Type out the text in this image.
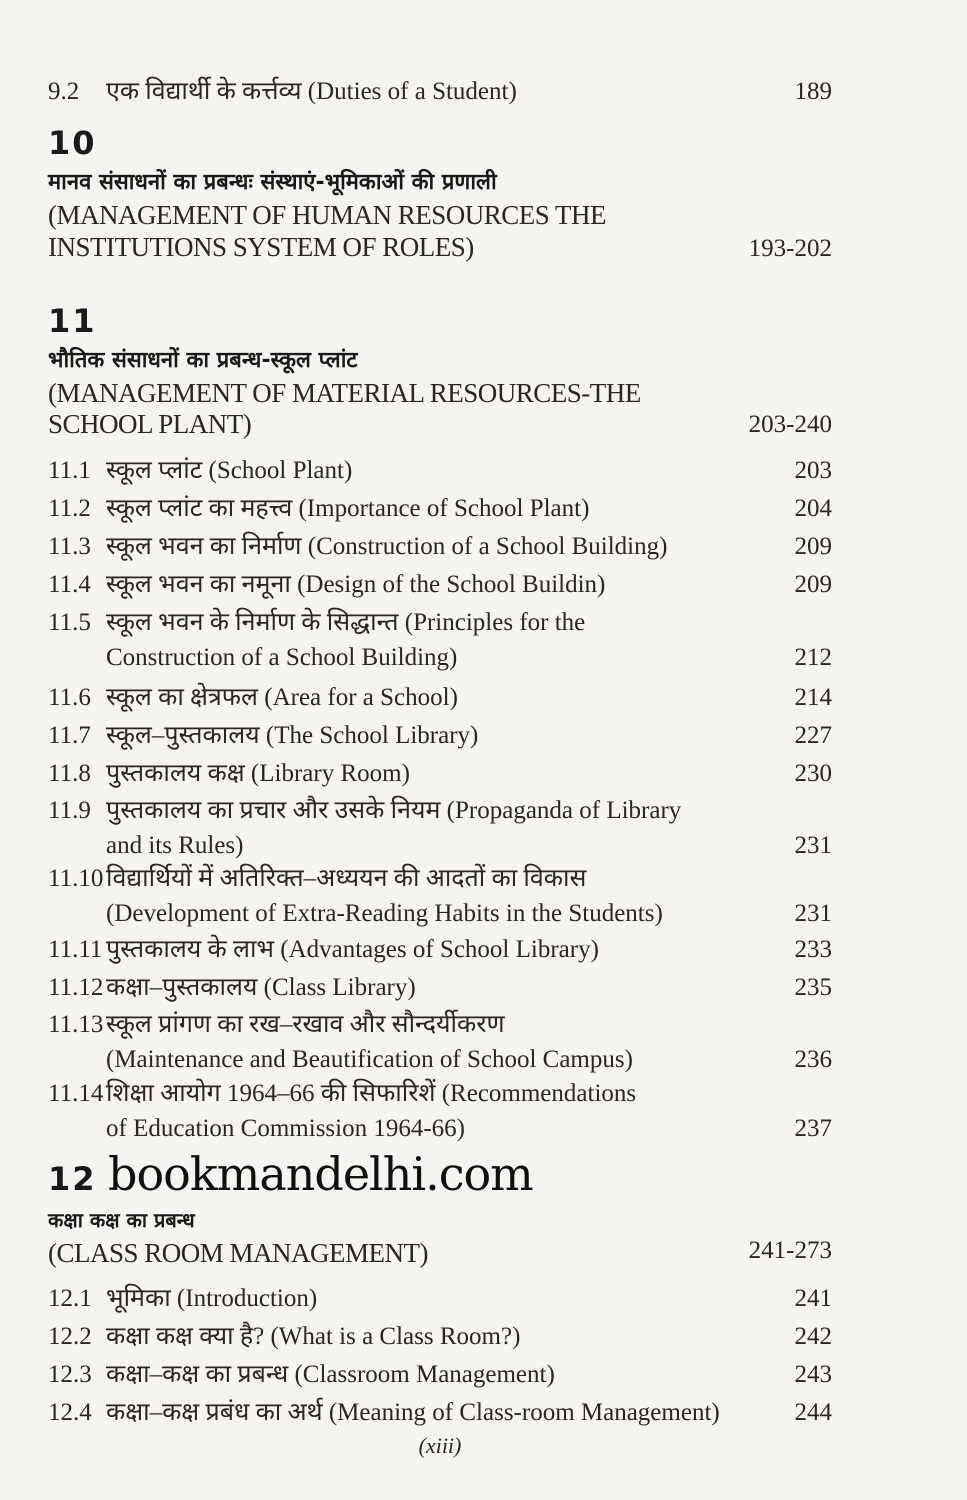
9.2 एक विद्यार्थी के कर्त्तव्य (Duties of a Student)	189
10
मानव संसाधनों का प्रबन्धः संस्थाएं-भूमिकाओं की प्रणाली
(MANAGEMENT OF HUMAN RESOURCES THE
INSTITUTIONS SYSTEM OF ROLES)	193-202
11
भौतिक संसाधनों का प्रबन्ध-स्कूल प्लांट
(MANAGEMENT OF MATERIAL RESOURCES-THE
SCHOOL PLANT)	203-240
11.1 स्कूल प्लांट (School Plant)	203
11.2 स्कूल प्लांट का महत्त्व (Importance of School Plant)	204
11.3 स्कूल भवन का निर्माण (Construction of a School Building)	209
11.4 स्कूल भवन का नमूना (Design of the School Buildin)	209
11.5 स्कूल भवन के निर्माण के सिद्धान्त (Principles for the
Construction of a School Building)	212
11.6 स्कूल का क्षेत्रफल (Area for a School)	214
11.7 स्कूल–पुस्तकालय (The School Library)	227
11.8 पुस्तकालय कक्ष (Library Room)	230
11.9 पुस्तकालय का प्रचार और उसके नियम (Propaganda of Library
and its Rules)	231
11.10 विद्यार्थियों में अतिरिक्त–अध्ययन की आदतों का विकास
(Development of Extra-Reading Habits in the Students)	231
11.11 पुस्तकालय के लाभ (Advantages of School Library)	233
11.12 कक्षा–पुस्तकालय (Class Library)	235
11.13 स्कूल प्रांगण का रख–रखाव और सौन्दर्यीकरण
(Maintenance and Beautification of School Campus)	236
11.14 शिक्षा आयोग 1964–66 की सिफारिशें (Recommendations
of Education Commission 1964-66)	237
12 bookmandelhi.com
कक्षा कक्ष का प्रबन्ध
(CLASS ROOM MANAGEMENT)	241-273
12.1 भूमिका (Introduction)	241
12.2 कक्षा कक्ष क्या है? (What is a Class Room?)	242
12.3 कक्षा–कक्ष का प्रबन्ध (Classroom Management)	243
12.4 कक्षा–कक्ष प्रबंध का अर्थ (Meaning of Class-room Management)	244
(xiii)
